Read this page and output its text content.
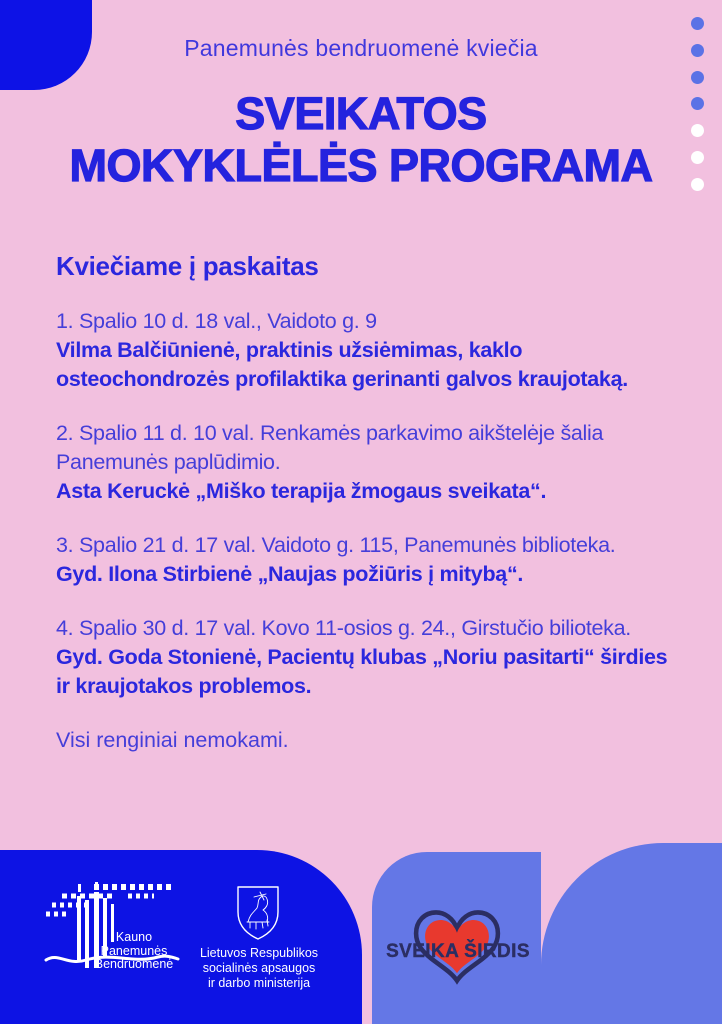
Panemunės bendruomenė kviečia
SVEIKATOS
MOKYKLĖLĖS PROGRAMA
Kviečiame į paskaitas
1. Spalio 10 d. 18 val., Vaidoto g. 9
Vilma Balčiūnienė, praktinis užsiėmimas, kaklo
osteochondrozės profilaktika gerinanti galvos kraujotaką.
2. Spalio 11 d. 10 val. Renkamės parkavimo aikštelėje šalia
Panemunės paplūdimio.
Asta Keruckė „Miško terapija žmogaus sveikata“.
3. Spalio 21 d. 17 val. Vaidoto g. 115, Panemunės biblioteka.
Gyd. Ilona Stirbienė „Naujas požiūris į mitybą“.
4. Spalio 30 d. 17 val. Kovo 11-osios g. 24., Girstučio bilioteka.
Gyd. Goda Stonienė, Pacientų klubas „Noriu pasitarti“ širdies
ir kraujotakos problemos.

Visi renginiai nemokami.

Kauno Panemunės
Bendruomenė
Lietuvos Respublikos
socialinės apsaugos
ir darbo ministerija
SVEIKA ŠIRDIS
